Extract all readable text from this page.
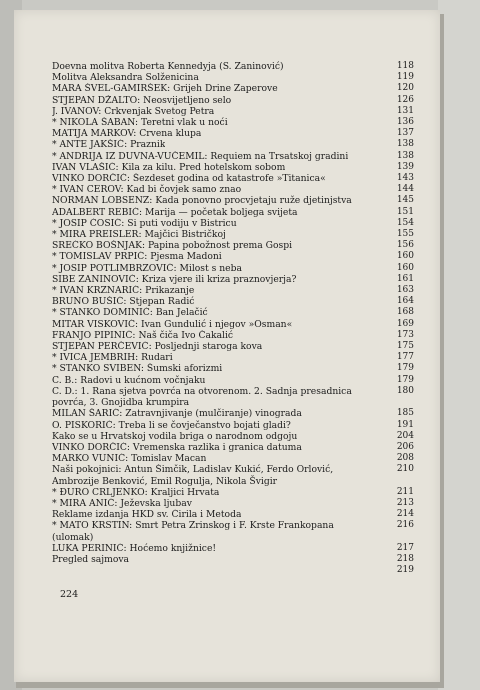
Doevna molitva Roberta Kennedyja (S. Zaninović)	118
Molitva Aleksandra Solženicina	119
MARA ŠVEL-GAMIRŠEK: Grijeh Drine Zaperove	120
STJEPAN DŽALTO: Neosvijetljeno selo	126
J. IVANOV: Crkvenjak Svetog Petra	131
* NIKOLA ŠABAN: Teretni vlak u noći	136
MATIJA MARKOV: Crvena klupa	137
* ANTE JAKŠIĆ: Praznik	138
* ANDRIJA IZ DUVNA-VUČEMIL: Requiem na Trsatskoj gradini	138
IVAN VLAŠIĆ: Kila za kilu. Pred hotelskom sobom	139
VINKO DORČIĆ: Šezdeset godina od katastrofe »Titanica«	143
* IVAN CEROV: Kad bi čovjek samo znao	144
NORMAN LOBSENZ: Kada ponovno procvjetaju ruže djetinjstva	145
ADALBERT REBIĆ: Marija — početak boljega svijeta	151
* JOSIP ĆOSIĆ: Si puti vodiju v Bistricu	154
* MIRA PREISLER: Majčici Bistričkoj	155
SREĆKO BOŠNJAK: Papina pobožnost prema Gospi	156
* TOMISLAV PRPIĆ: Pjesma Madoni	160
* JOSIP POTLIMBRZOVIĆ: Milost s neba	160
SIBE ZANINOVIĆ: Kriza vjere ili kriza praznovjerja?	161
* IVAN KRZNARIĆ: Prikazanje	163
BRUNO BUŠIĆ: Stjepan Radić	164
* STANKO DOMINIĆ: Ban Jelačić	168
MITAR VISKOVIĆ: Ivan Gundulić i njegov »Osman«	169
FRANJO PIPINIĆ: Naš čiča Ivo Čakalić	173
STJEPAN PERČEVIĆ: Posljednji staroga kova	175
* IVICA JEMBRIH: Rudari	177
* STANKO SVIBEN: Šumski aforizmi	179
C. B.: Radovi u kućnom vočnjaku	179
C. D.: 1. Rana sjetva povrća na otvorenom. 2. Sadnja presadnica povrća, 3. Gnojidba krumpira
180
MILAN ŠARIĆ: Zatravnjivanje (mulčiranje) vinograda	185
O. PISKORIĆ: Treba li se čovječanstvo bojati gladi?	191
Kako se u Hrvatskoj vodila briga o narodnom odgoju	204
VINKO DORČIĆ: Vremenska razlika i granica datuma	206
MARKO VUNIĆ: Tomislav Macan	208
Naši pokojnici: Antun Šimčik, Ladislav Kukić, Ferdo Orlović, Ambrozije Benković, Emil Rogulja, Nikola Švigir
210
* ĐURO CRLJENKO: Kraljici Hrvata	211
* MIRA ANIĆ: Ježevska ljubav	213
Reklame izdanja HKD sv. Ćirila i Metoda	214
* MATO KRSTIN: Smrt Petra Zrinskog i F. Krste Frankopana (ulomak)
216
LUKA PERINIĆ: Hoćemo knjižnice!	217
Pregled sajmova	218
219
224
